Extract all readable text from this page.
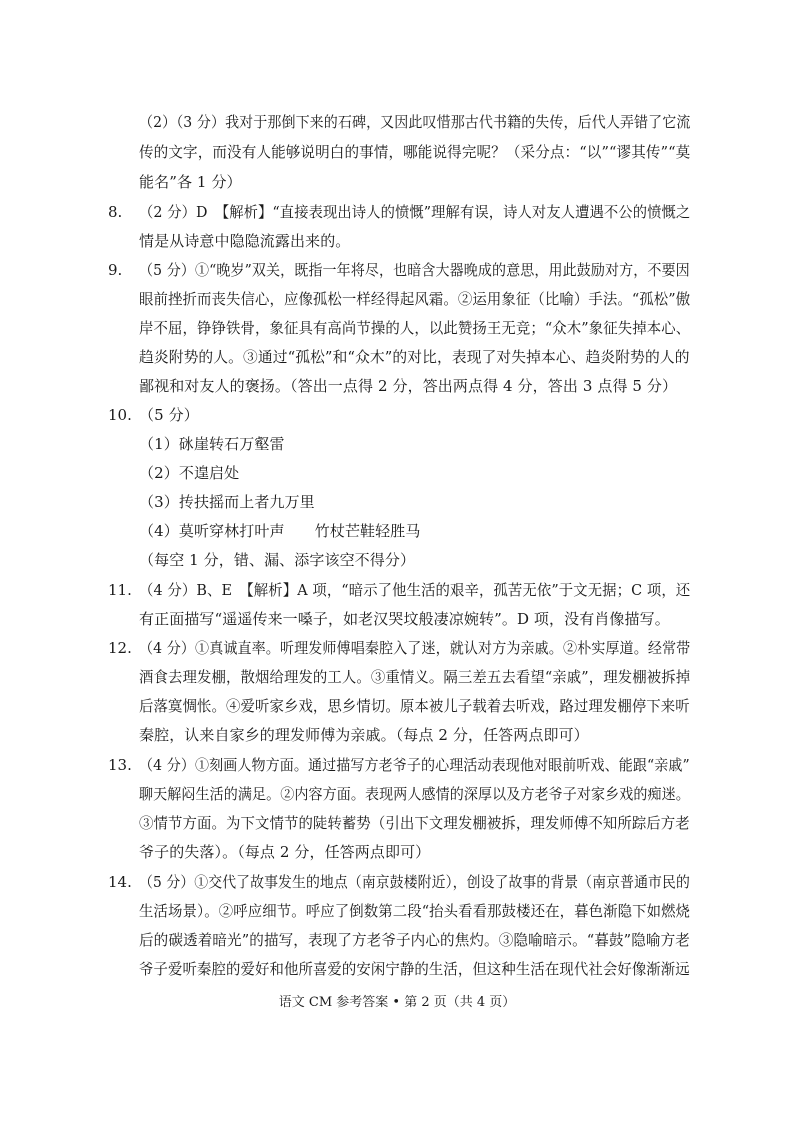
（2）（3 分）我对于那倒下来的石碑，又因此叹惜那古代书籍的失传，后代人弄错了它流
传的文字，而没有人能够说明白的事情，哪能说得完呢？（采分点：“以”“谬其传”“莫
能名”各 1 分）
8. （2 分）D　【解析】“直接表现出诗人的愤慨”理解有误，诗人对友人遭遇不公的愤慨之
情是从诗意中隐隐流露出来的。
9. （5 分）①“晚岁”双关，既指一年将尽，也暗含大器晚成的意思，用此鼓励对方，不要因
眼前挫折而丧失信心，应像孤松一样经得起风霜。②运用象征（比喻）手法。“孤松”傲
岸不屈，铮铮铁骨，象征具有高尚节操的人，以此赞扬王无竞；“众木”象征失掉本心、
趋炎附势的人。③通过“孤松”和“众木”的对比，表现了对失掉本心、趋炎附势的人的
鄙视和对友人的褒扬。（答出一点得 2 分，答出两点得 4 分，答出 3 点得 5 分）
10. （5 分）
（1）砯崖转石万壑雷
（2）不遑启处
（3）抟扶摇而上者九万里
（4）莫听穿林打叶声　　竹杖芒鞋轻胜马
（每空 1 分，错、漏、添字该空不得分）
11. （4 分）B、E　【解析】A 项，“暗示了他生活的艰辛，孤苦无依”于文无据；C 项，还
有正面描写“遥遥传来一嗓子，如老汉哭坟般凄凉婉转”。D 项，没有肖像描写。
12. （4 分）①真诚直率。听理发师傅唱秦腔入了迷，就认对方为亲戚。②朴实厚道。经常带
酒食去理发棚，散烟给理发的工人。③重情义。隔三差五去看望“亲戚”，理发棚被拆掉
后落寞惆怅。④爱听家乡戏，思乡情切。原本被儿子载着去听戏，路过理发棚停下来听
秦腔，认来自家乡的理发师傅为亲戚。（每点 2 分，任答两点即可）
13. （4 分）①刻画人物方面。通过描写方老爷子的心理活动表现他对眼前听戏、能跟“亲戚”
聊天解闷生活的满足。②内容方面。表现两人感情的深厚以及方老爷子对家乡戏的痴迷。
③情节方面。为下文情节的陡转蓄势（引出下文理发棚被拆，理发师傅不知所踪后方老
爷子的失落）。（每点 2 分，任答两点即可）
14. （5 分）①交代了故事发生的地点（南京鼓楼附近），创设了故事的背景（南京普通市民的
生活场景）。②呼应细节。呼应了倒数第二段“抬头看看那鼓楼还在，暮色渐隐下如燃烧
后的碳透着暗光”的描写，表现了方老爷子内心的焦灼。③隐喻暗示。“暮鼓”隐喻方老
爷子爱听秦腔的爱好和他所喜爱的安闲宁静的生活，但这种生活在现代社会好像渐渐远
语文 CM 参考答案 • 第 2 页（共 4 页）
